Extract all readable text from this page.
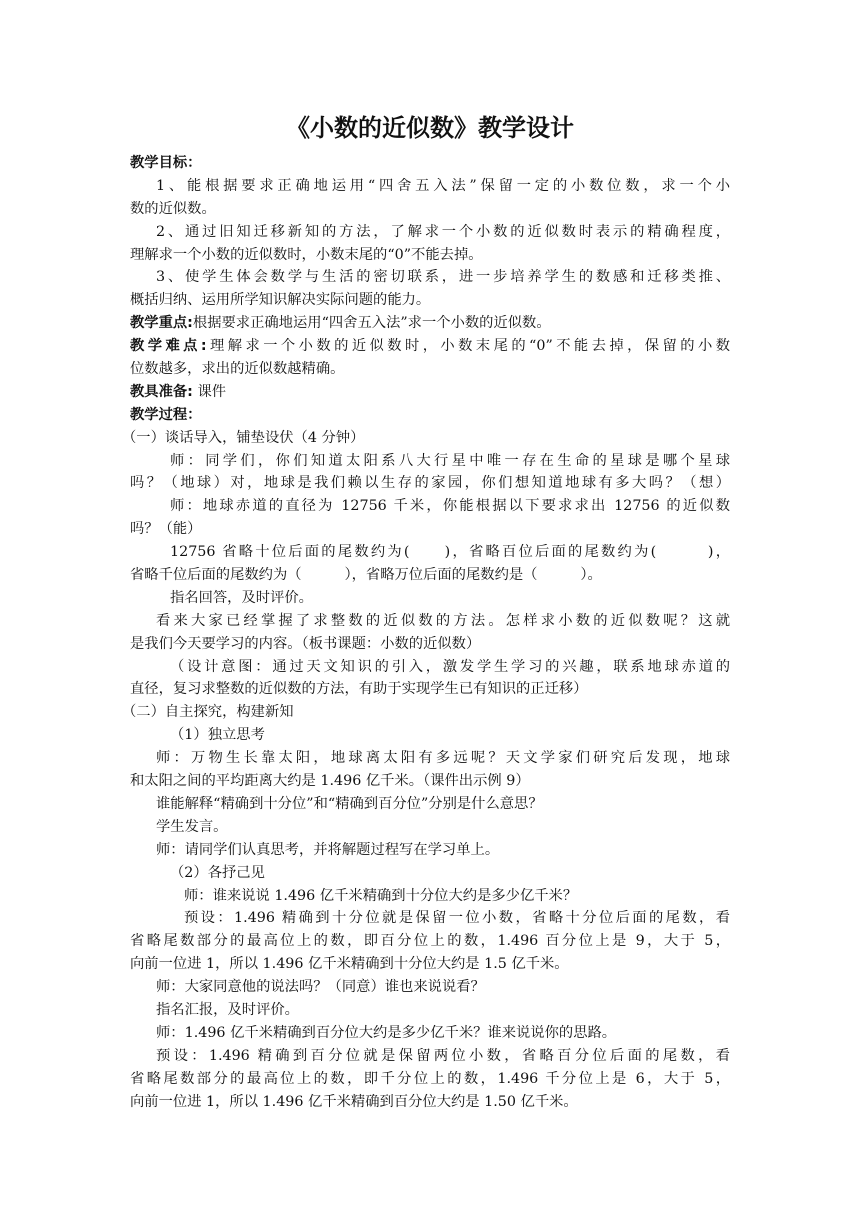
《小数的近似数》教学设计
教学目标：
1、能根据要求正确地运用“四舍五入法”保留一定的小数位数，求一个小
数的近似数。
2、通过旧知迁移新知的方法，了解求一个小数的近似数时表示的精确程度，
理解求一个小数的近似数时，小数末尾的“0”不能去掉。
3、使学生体会数学与生活的密切联系，进一步培养学生的数感和迁移类推、
概括归纳、运用所学知识解决实际问题的能力。
教学重点:根据要求正确地运用“四舍五入法”求一个小数的近似数。
教学难点:理解求一个小数的近似数时，小数末尾的“0”不能去掉，保留的小数
位数越多，求出的近似数越精确。
教具准备: 课件
教学过程：
（一）谈话导入，铺垫设伏（4 分钟）
师：同学们，你们知道太阳系八大行星中唯一存在生命的星球是哪个星球
吗？（地球）对，地球是我们赖以生存的家园，你们想知道地球有多大吗？（想）
师：地球赤道的直径为 12756 千米，你能根据以下要求求出 12756 的近似数
吗？（能）
12756 省略十位后面的尾数约为(　　)，省略百位后面的尾数约为(　　　)，
省略千位后面的尾数约为（　　　），省略万位后面的尾数约是（　　　）。
指名回答，及时评价。
看来大家已经掌握了求整数的近似数的方法。怎样求小数的近似数呢？这就
是我们今天要学习的内容。（板书课题：小数的近似数）
（设计意图：通过天文知识的引入，激发学生学习的兴趣，联系地球赤道的
直径，复习求整数的近似数的方法，有助于实现学生已有知识的正迁移）
（二）自主探究，构建新知
（1）独立思考
师：万物生长靠太阳，地球离太阳有多远呢？天文学家们研究后发现，地球
和太阳之间的平均距离大约是 1.496 亿千米。（课件出示例 9）
谁能解释“精确到十分位”和“精确到百分位”分别是什么意思？
学生发言。
师：请同学们认真思考，并将解题过程写在学习单上。
（2）各抒己见
师：谁来说说 1.496 亿千米精确到十分位大约是多少亿千米？
预设：1.496 精确到十分位就是保留一位小数，省略十分位后面的尾数，看
省略尾数部分的最高位上的数，即百分位上的数，1.496 百分位上是 9，大于 5，
向前一位进 1，所以 1.496 亿千米精确到十分位大约是 1.5 亿千米。
师：大家同意他的说法吗？（同意）谁也来说说看？
指名汇报，及时评价。
师：1.496 亿千米精确到百分位大约是多少亿千米？谁来说说你的思路。
预设：1.496 精确到百分位就是保留两位小数，省略百分位后面的尾数，看
省略尾数部分的最高位上的数，即千分位上的数，1.496 千分位上是 6，大于 5，
向前一位进 1，所以 1.496 亿千米精确到百分位大约是 1.50 亿千米。
